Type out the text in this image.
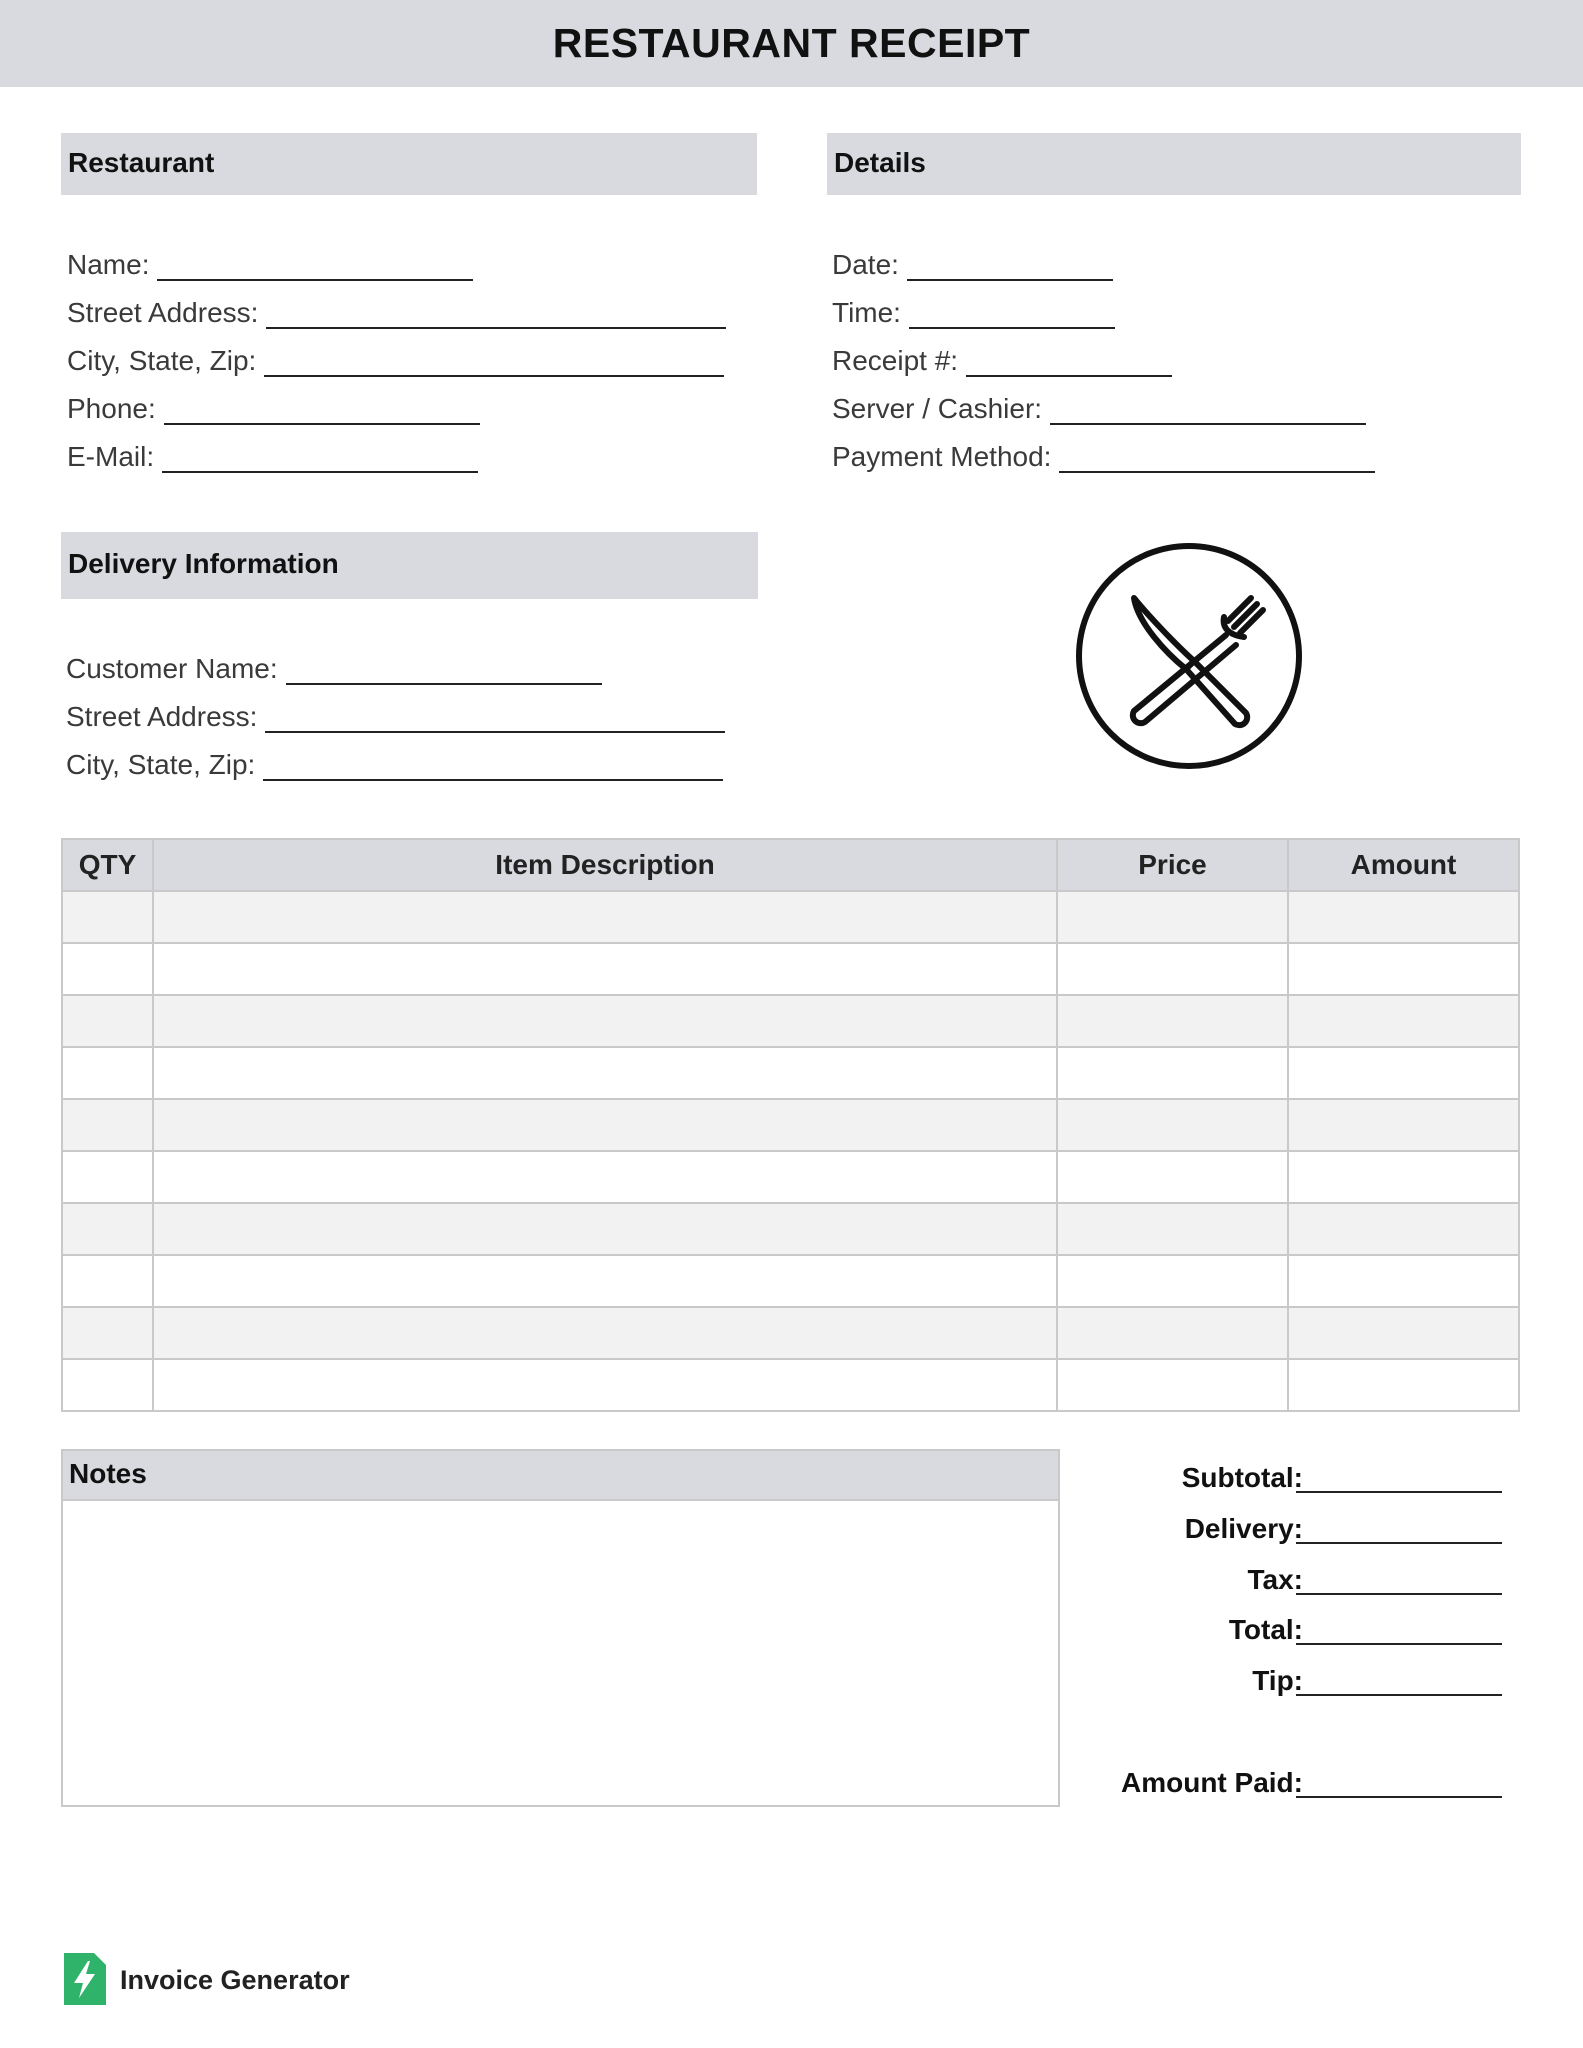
RESTAURANT RECEIPT
Restaurant
Name:
Street Address:
City, State, Zip:
Phone:
E-Mail:
Details
Date:
Time:
Receipt #:
Server / Cashier:
Payment Method:
Delivery Information
Customer Name:
Street Address:
City, State, Zip:
QTY	Item Description	Price	Amount

Notes	Subtotal:
Delivery:
Tax:
Total:
Tip:
Amount Paid:
Invoice Generator
